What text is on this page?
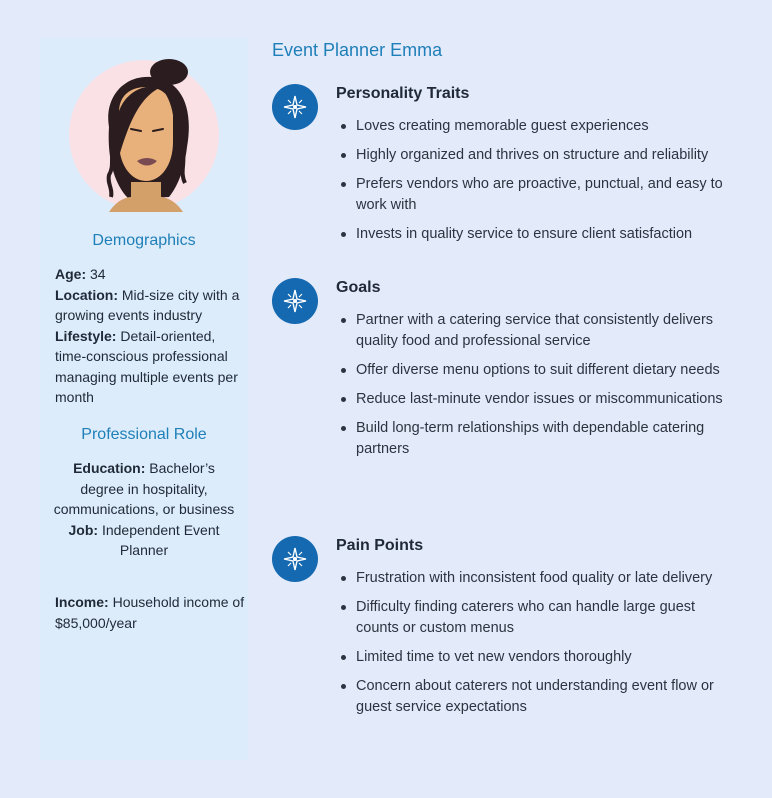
Demographics
Age: 34
Location: Mid-size city with a growing events industry
Lifestyle: Detail-oriented, time-conscious professional managing multiple events per month
Professional Role
Education: Bachelor’s degree in hospitality, communications, or business
Job: Independent Event Planner
Income: Household income of $85,000/year
Event Planner Emma
Personality Traits
Loves creating memorable guest experiences
Highly organized and thrives on structure and reliability
Prefers vendors who are proactive, punctual, and easy to work with
Invests in quality service to ensure client satisfaction
Goals
Partner with a catering service that consistently delivers quality food and professional service
Offer diverse menu options to suit different dietary needs
Reduce last-minute vendor issues or miscommunications
Build long-term relationships with dependable catering partners
Pain Points
Frustration with inconsistent food quality or late delivery
Difficulty finding caterers who can handle large guest counts or custom menus
Limited time to vet new vendors thoroughly
Concern about caterers not understanding event flow or guest service expectations
